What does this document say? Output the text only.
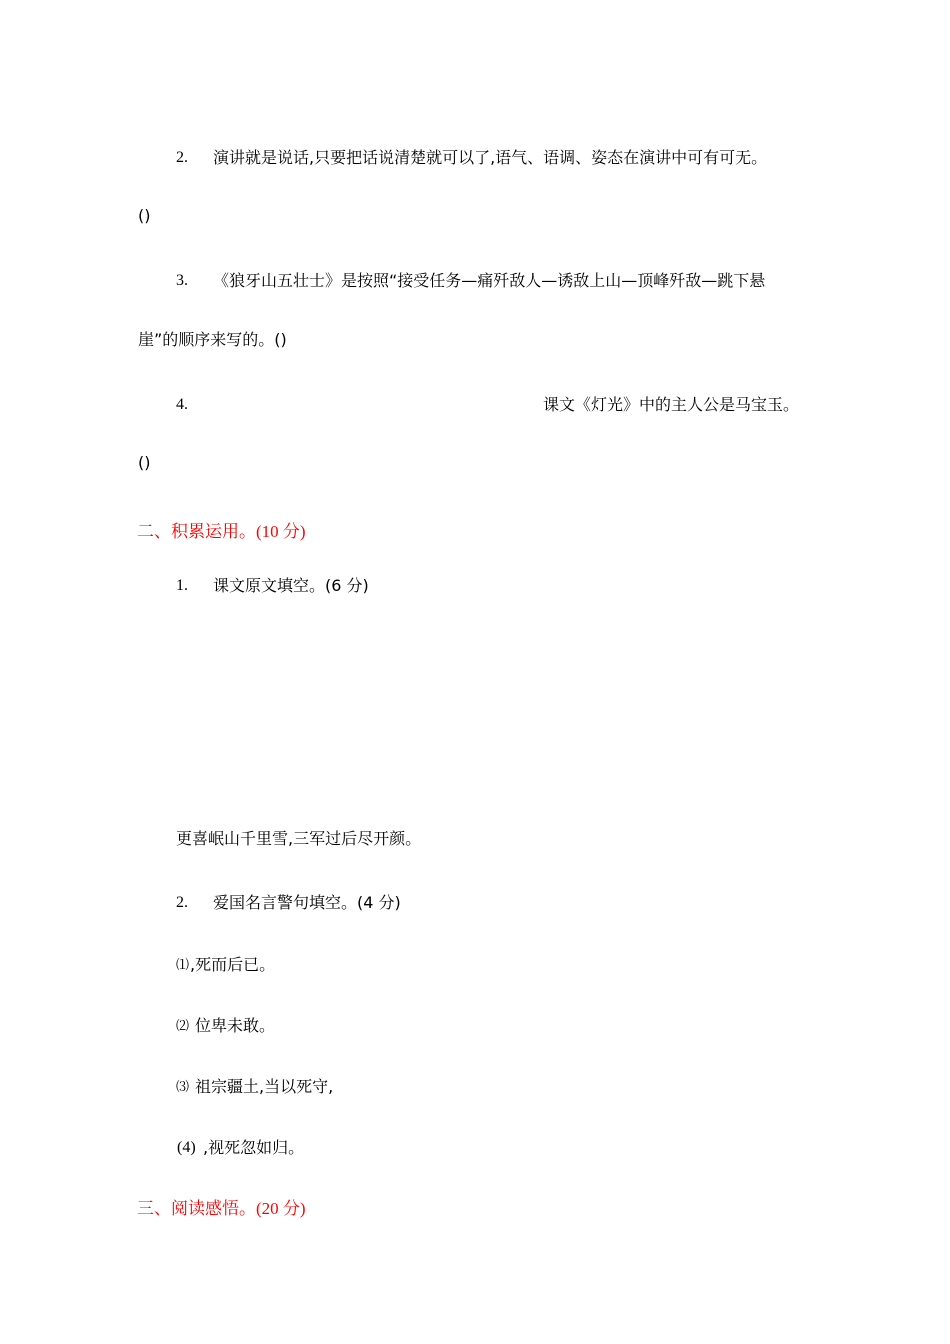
2. 演讲就是说话,只要把话说清楚就可以了,语气、语调、姿态在演讲中可有可无。
()
3. 《狼牙山五壮士》是按照“接受任务—痛歼敌人—诱敌上山—顶峰歼敌—跳下悬
崖”的顺序来写的。()
4.	课文《灯光》中的主人公是马宝玉。
()
二、积累运用。(10 分)
1. 课文原文填空。(6 分)
更喜岷山千里雪,三军过后尽开颜。
2. 爱国名言警句填空。(4 分)
⑴ ,死而后已。
⑵ 位卑未敢。
⑶ 祖宗疆土,当以死守,
(4) ,视死忽如归。
三、阅读感悟。(20 分)
